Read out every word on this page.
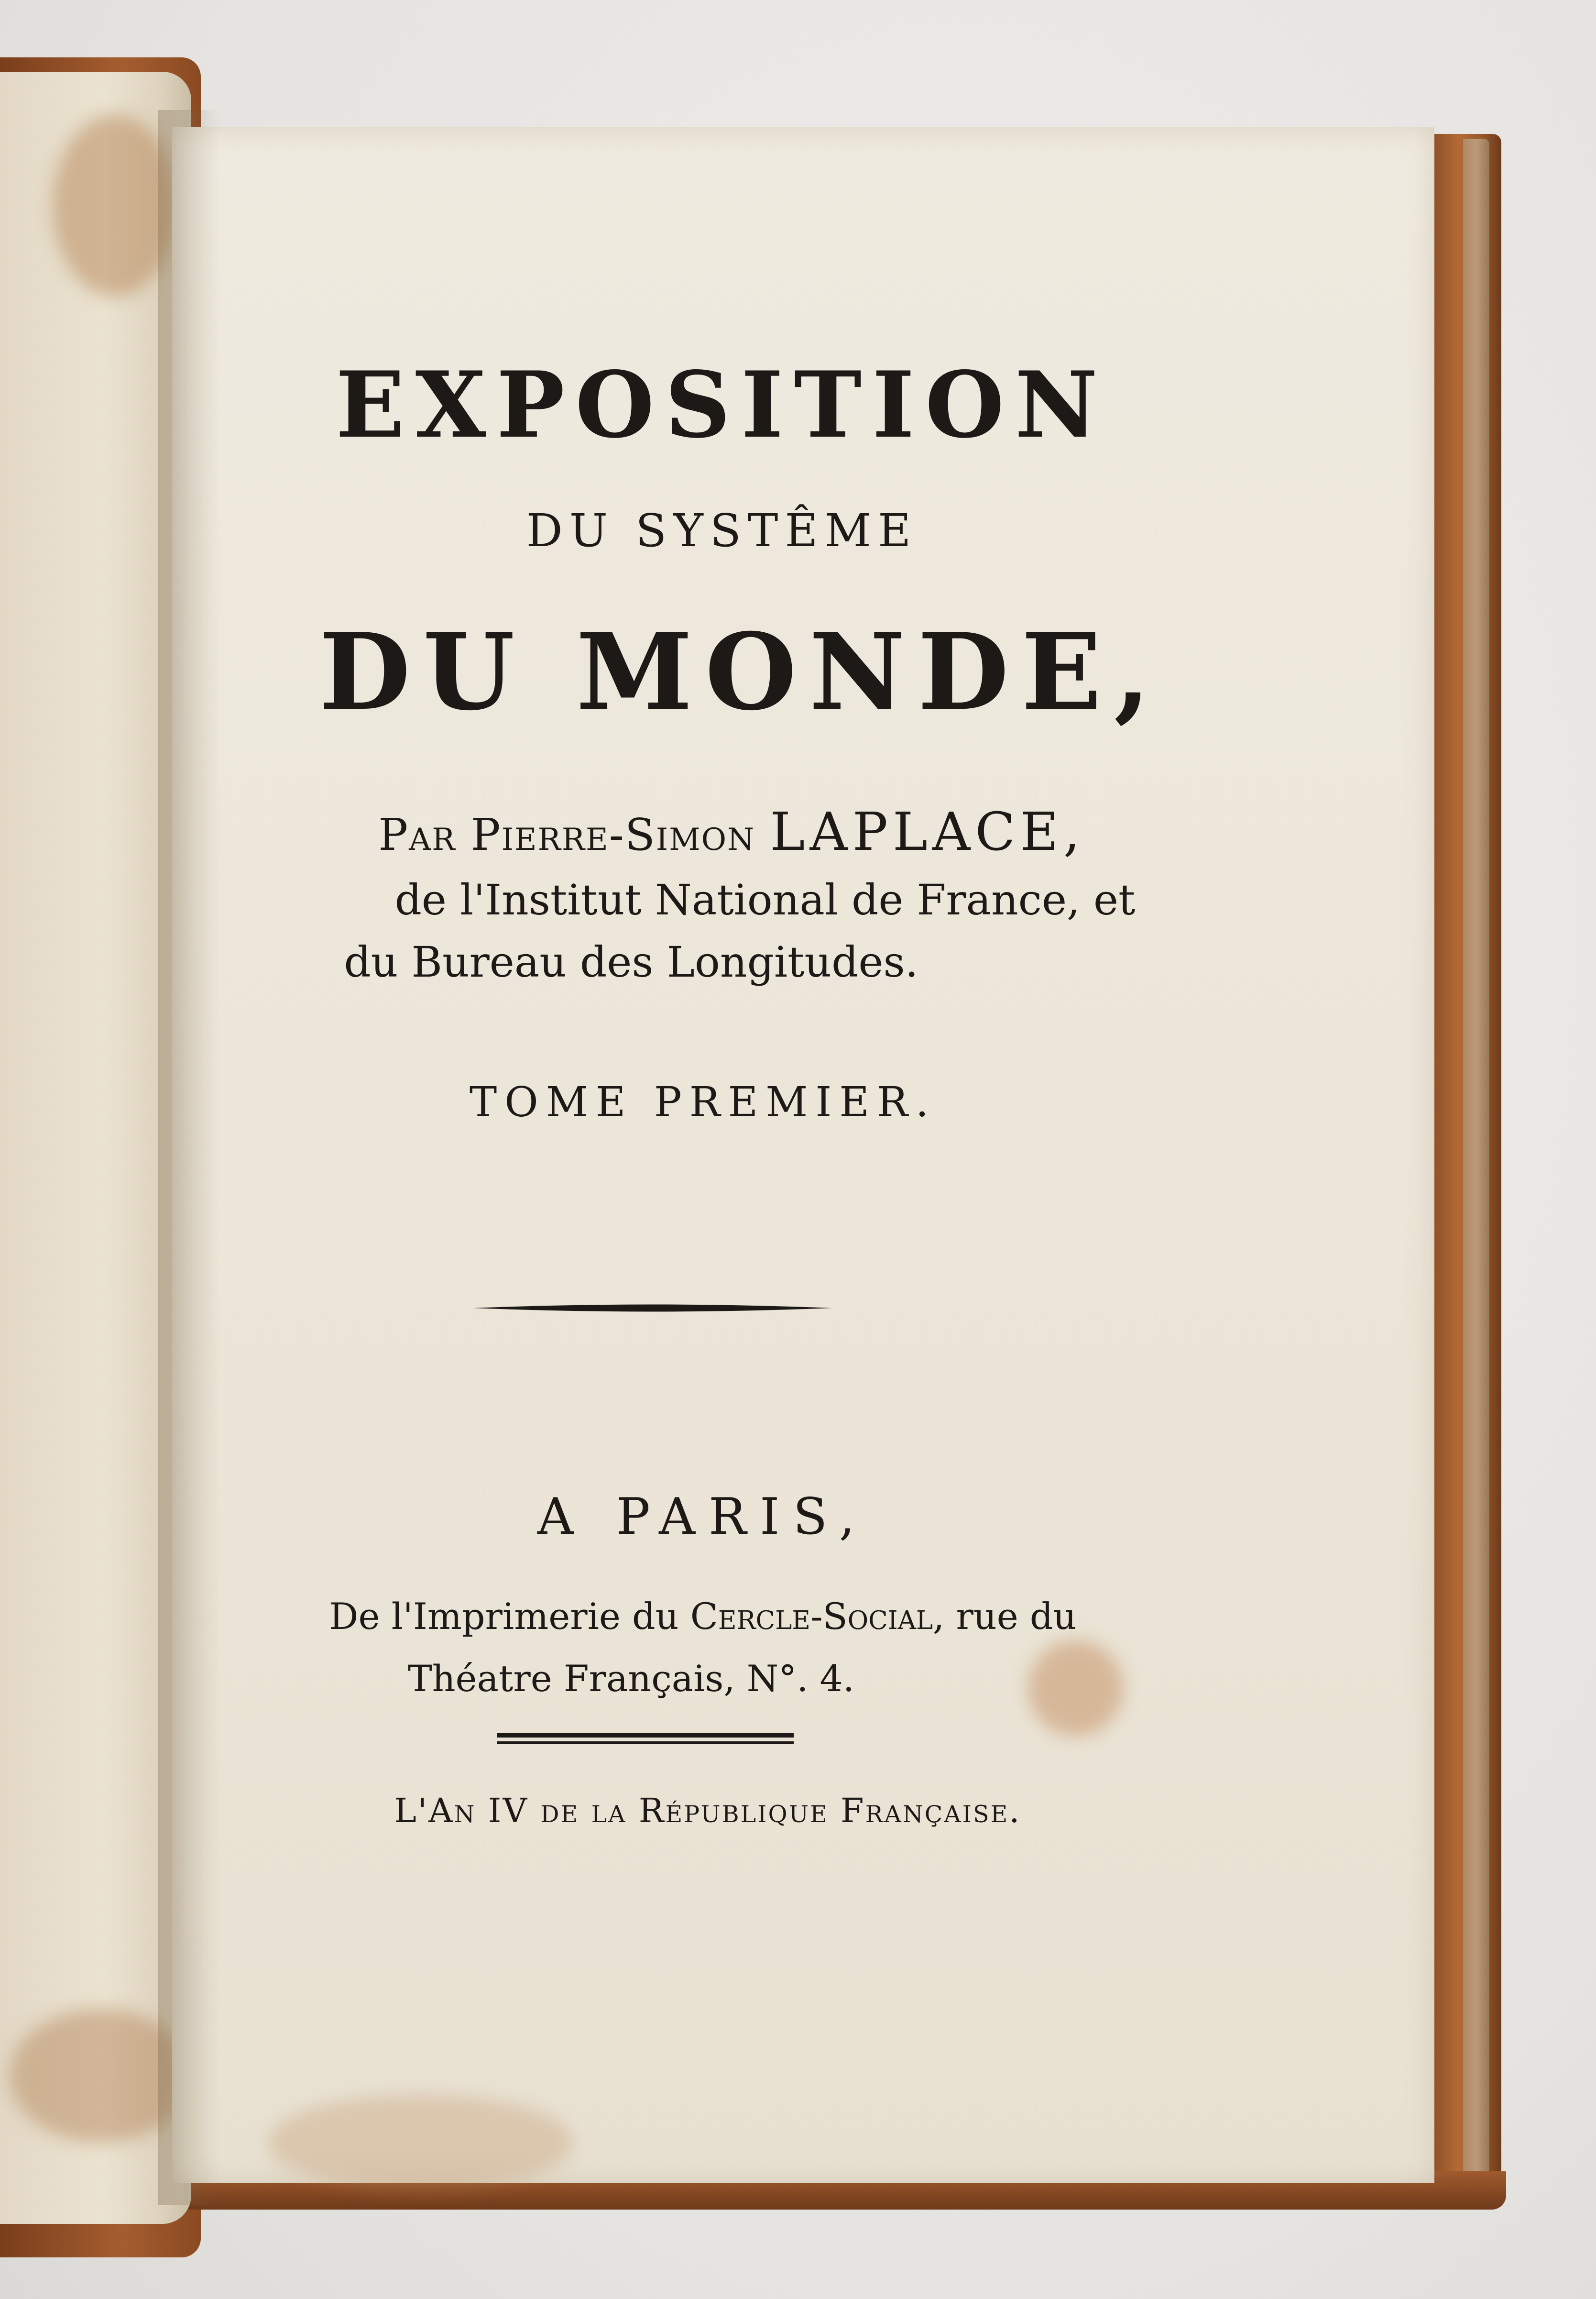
EXPOSITION
DU SYSTÊME
DU MONDE,
Par Pierre-Simon LAPLACE,
de l'Institut National de France, et
du Bureau des Longitudes.
TOME PREMIER.
A PARIS,
De l'Imprimerie du Cercle-Social, rue du
Théatre Français, N°. 4.
L'An IV de la République Française.
